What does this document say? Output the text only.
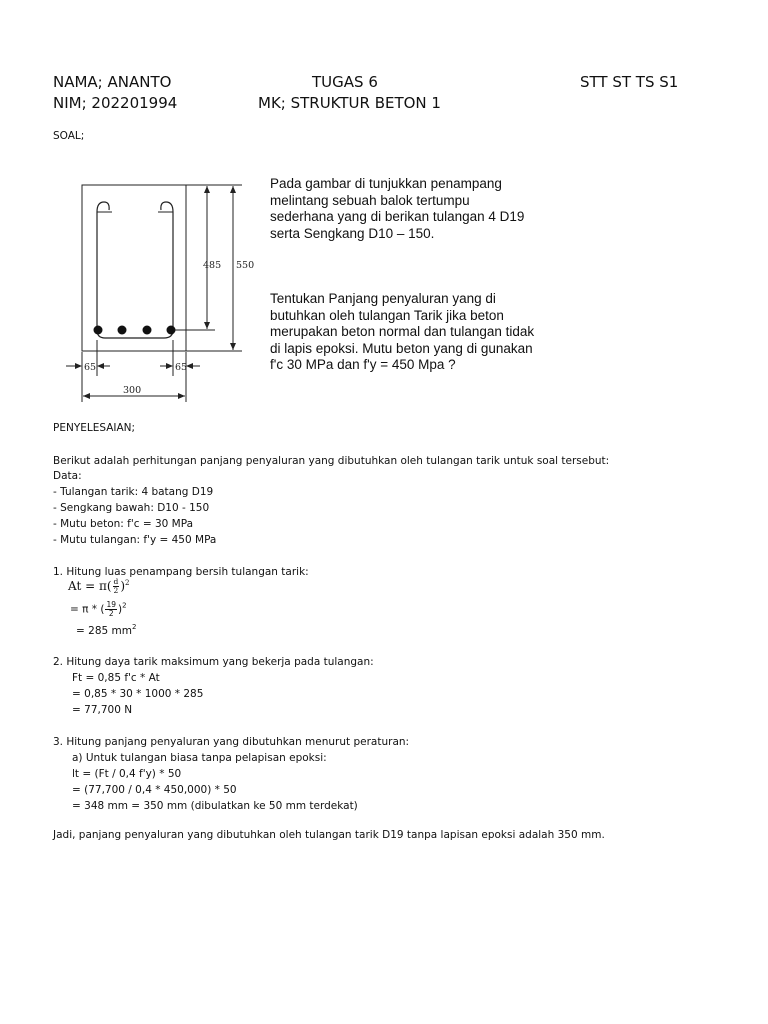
NAMA; ANANTO
NIM; 202201994
TUGAS 6
MK; STRUKTUR BETON 1
STT ST TS S1
SOAL;
485 550
65	65
300
Pada gambar di tunjukkan penampang melintang sebuah balok tertumpu sederhana yang di berikan tulangan 4 D19 serta Sengkang D10 – 150.
Tentukan Panjang penyaluran yang di butuhkan oleh tulangan Tarik jika beton merupakan beton normal dan tulangan tidak di lapis epoksi. Mutu beton yang di gunakan f'c 30 MPa dan f'y = 450 Mpa ?
PENYELESAIAN;
Berikut adalah perhitungan panjang penyaluran yang dibutuhkan oleh tulangan tarik untuk soal tersebut:
Data:
- Tulangan tarik: 4 batang D19
- Sengkang bawah: D10 - 150
- Mutu beton: f'c = 30 MPa
- Mutu tulangan: f'y = 450 MPa
1. Hitung luas penampang bersih tulangan tarik:
$At = \pi( \frac{d}{2} )^2$
= π * ( $\frac{19}{2} )^2$
= 285 $mm^2$
2. Hitung daya tarik maksimum yang bekerja pada tulangan:
Ft = 0,85 f'c * At
= 0,85 * 30 * 1000 * 285
= 77,700 N
3. Hitung panjang penyaluran yang dibutuhkan menurut peraturan:
a) Untuk tulangan biasa tanpa pelapisan epoksi:
lt = (Ft / 0,4 f'y) * 50
= (77,700 / 0,4 * 450,000) * 50
= 348 mm = 350 mm (dibulatkan ke 50 mm terdekat)
Jadi, panjang penyaluran yang dibutuhkan oleh tulangan tarik D19 tanpa lapisan epoksi adalah 350 mm.
